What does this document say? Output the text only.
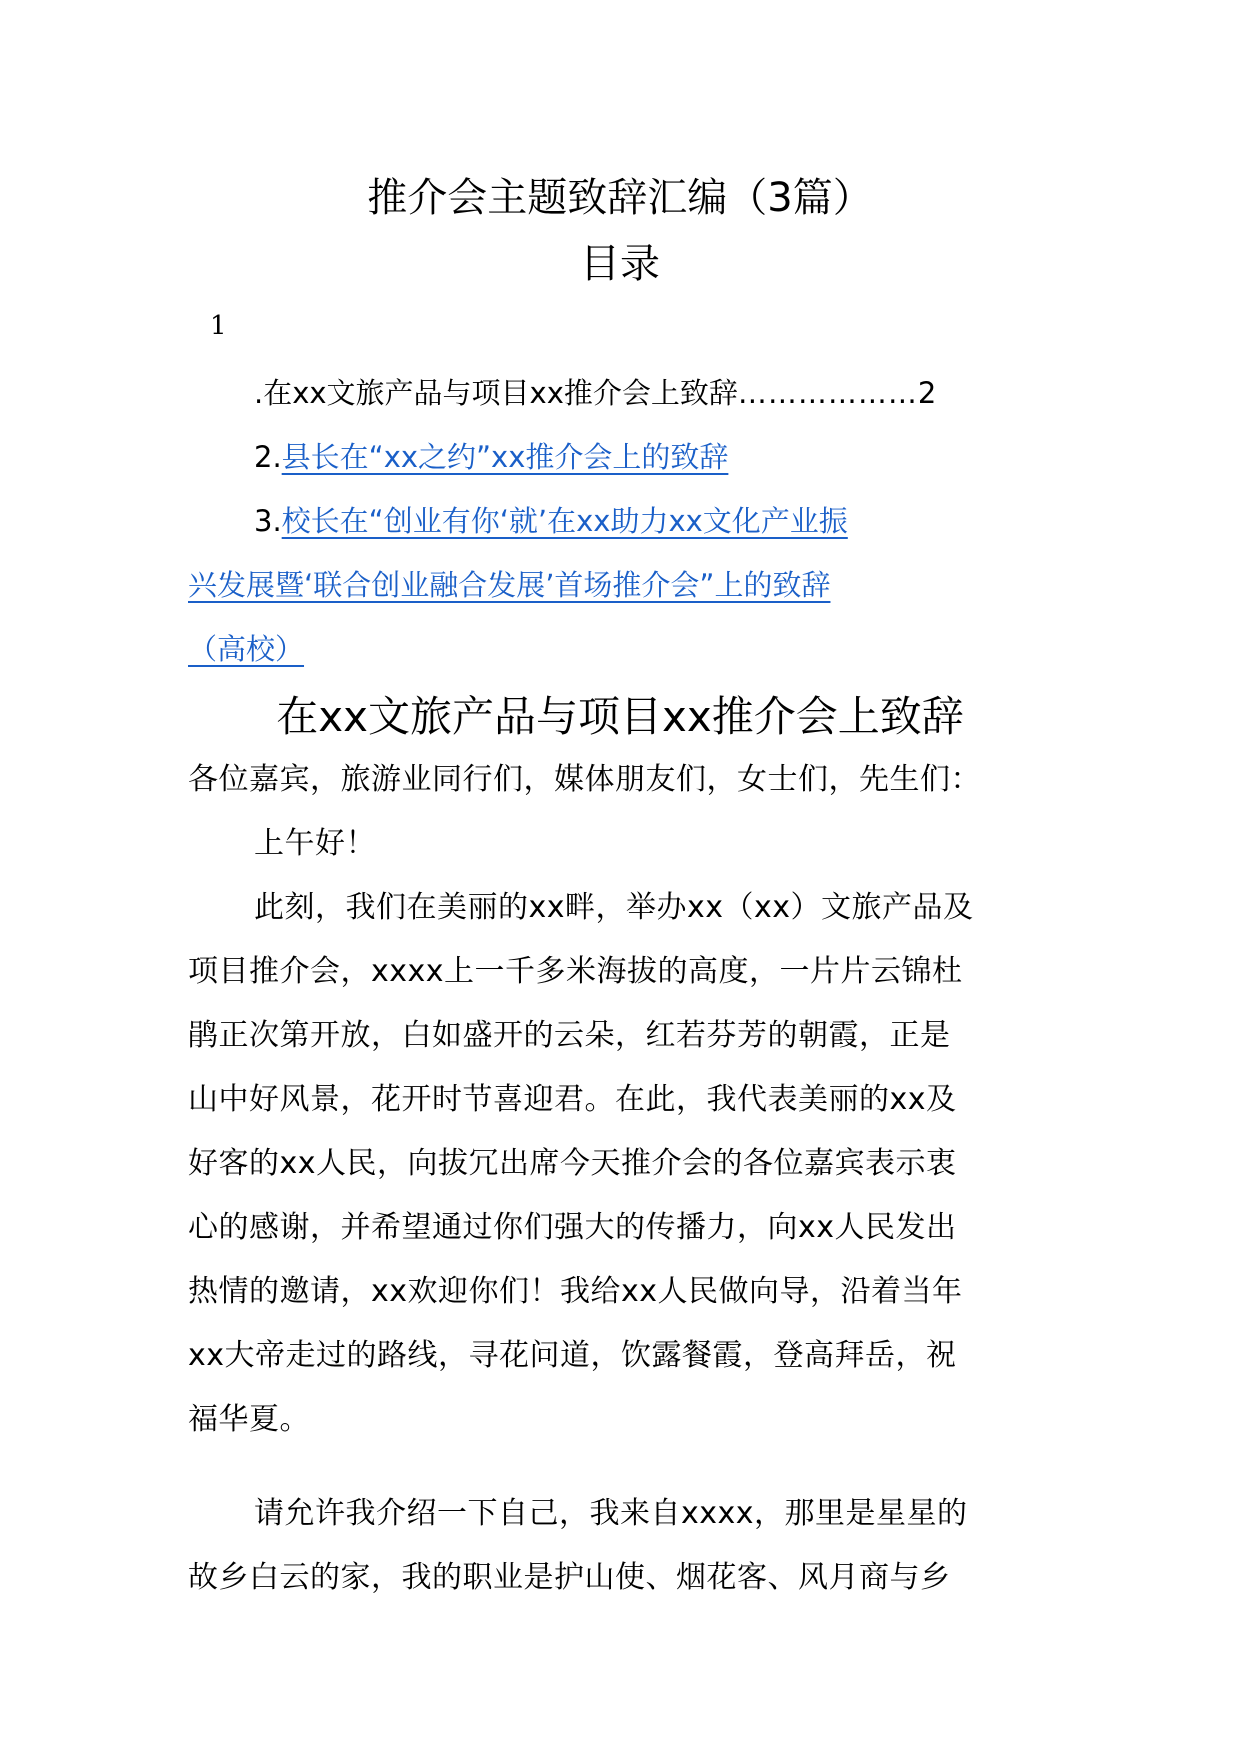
推介会主题致辞汇编（3篇）
目录
1
.在xx文旅产品与项目xx推介会上致辞………………2
2.县长在“xx之约”xx推介会上的致辞
3.校长在“创业有你‘就’在xx助力xx文化产业振
兴发展暨‘联合创业融合发展’首场推介会”上的致辞
（高校）
在xx文旅产品与项目xx推介会上致辞
各位嘉宾，旅游业同行们，媒体朋友们，女士们，先生们：
上午好！
此刻，我们在美丽的xx畔，举办xx（xx）文旅产品及
项目推介会，xxxx上一千多米海拔的高度，一片片云锦杜
鹃正次第开放，白如盛开的云朵，红若芬芳的朝霞，正是
山中好风景，花开时节喜迎君。在此，我代表美丽的xx及
好客的xx人民，向拔冗出席今天推介会的各位嘉宾表示衷
心的感谢，并希望通过你们强大的传播力，向xx人民发出
热情的邀请，xx欢迎你们！我给xx人民做向导，沿着当年
xx大帝走过的路线，寻花问道，饮露餐霞，登高拜岳，祝
福华夏。
请允许我介绍一下自己，我来自xxxx，那里是星星的
故乡白云的家，我的职业是护山使、烟花客、风月商与乡
